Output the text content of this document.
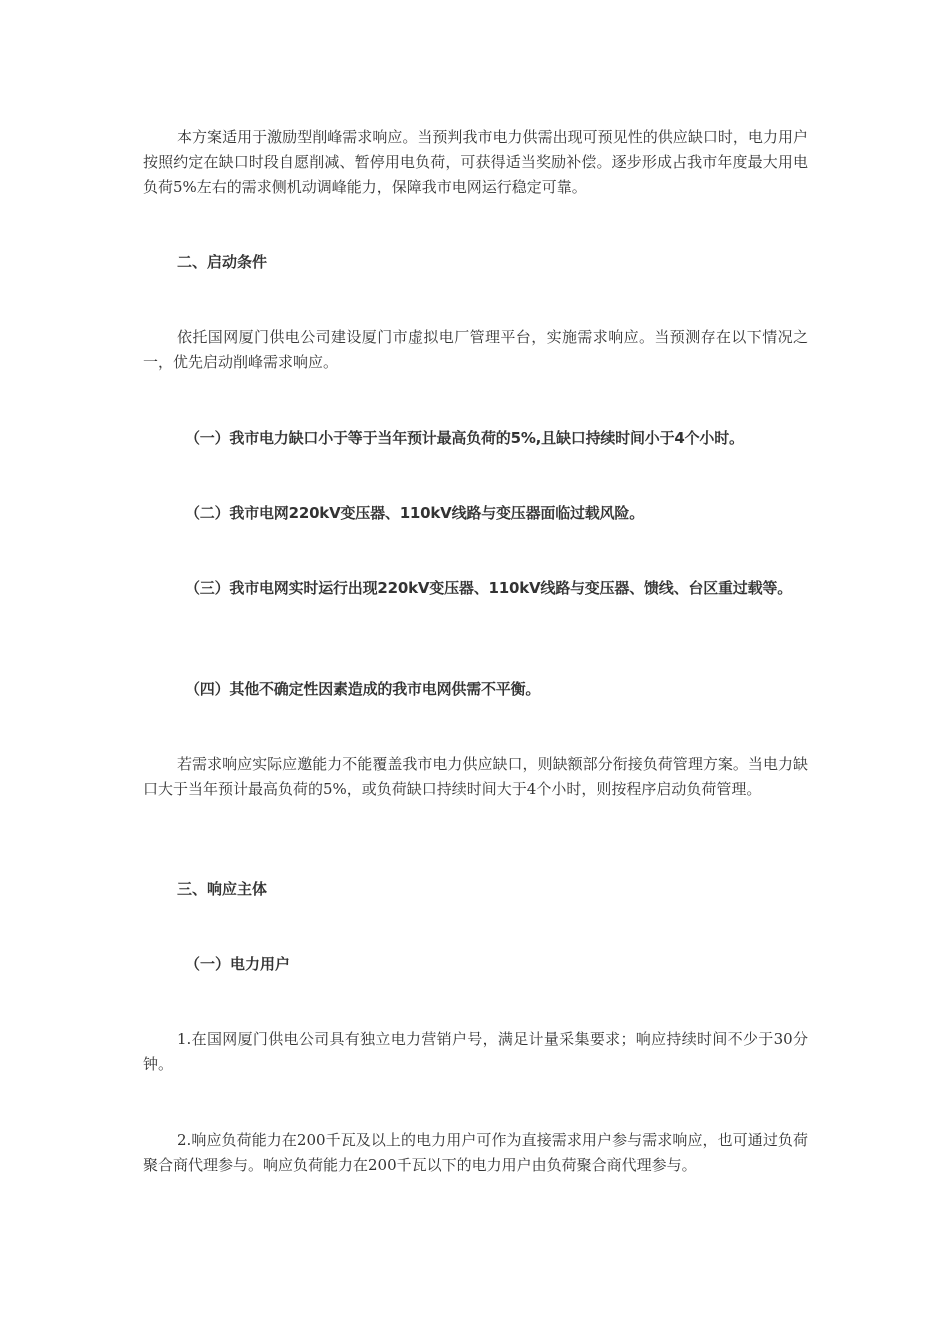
本方案适用于激励型削峰需求响应。当预判我市电力供需出现可预见性的供应缺口时，电力用户按照约定在缺口时段自愿削减、暂停用电负荷，可获得适当奖励补偿。逐步形成占我市年度最大用电负荷5%左右的需求侧机动调峰能力，保障我市电网运行稳定可靠。

二、启动条件

依托国网厦门供电公司建设厦门市虚拟电厂管理平台，实施需求响应。当预测存在以下情况之一，优先启动削峰需求响应。

（一）我市电力缺口小于等于当年预计最高负荷的5%,且缺口持续时间小于4个小时。

（二）我市电网220kV变压器、110kV线路与变压器面临过载风险。

（三）我市电网实时运行出现220kV变压器、110kV线路与变压器、馈线、台区重过载等。

（四）其他不确定性因素造成的我市电网供需不平衡。

若需求响应实际应邀能力不能覆盖我市电力供应缺口，则缺额部分衔接负荷管理方案。当电力缺口大于当年预计最高负荷的5%，或负荷缺口持续时间大于4个小时，则按程序启动负荷管理。

三、响应主体

（一）电力用户

1.在国网厦门供电公司具有独立电力营销户号，满足计量采集要求；响应持续时间不少于30分钟。

2.响应负荷能力在200千瓦及以上的电力用户可作为直接需求用户参与需求响应，也可通过负荷聚合商代理参与。响应负荷能力在200千瓦以下的电力用户由负荷聚合商代理参与。
